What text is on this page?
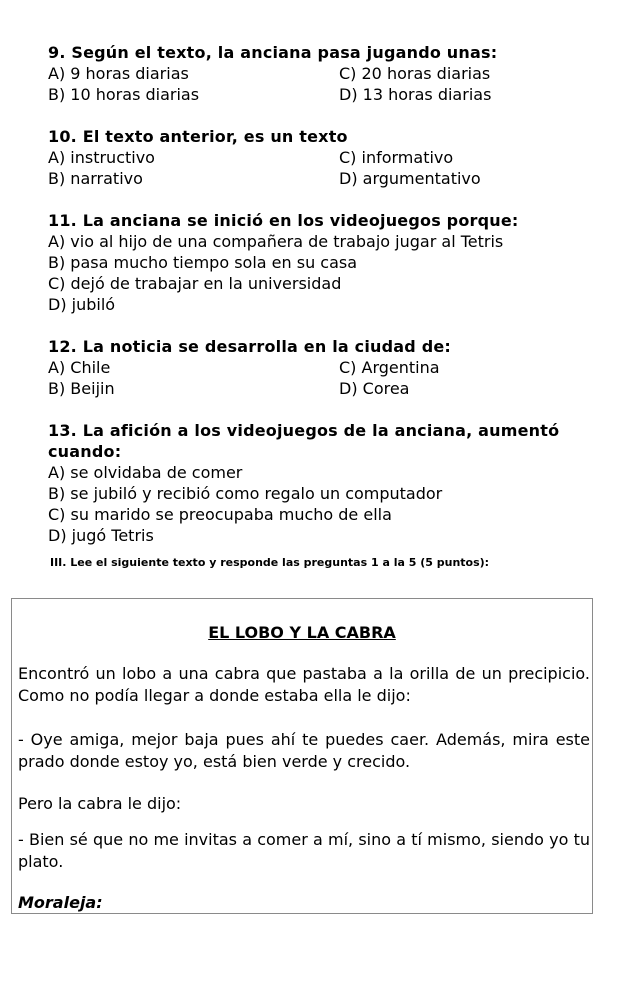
9. Según el texto, la anciana pasa jugando unas:
A) 9 horas diarias	C) 20 horas diarias
B) 10 horas diarias	D) 13 horas diarias
10. El texto anterior, es un texto
A) instructivo	C) informativo
B) narrativo	D) argumentativo
11. La anciana se inició en los videojuegos porque:
A) vio al hijo de una compañera de trabajo jugar al Tetris
B) pasa mucho tiempo sola en su casa
C) dejó de trabajar en la universidad
D) jubiló
12. La noticia se desarrolla en la ciudad de:
A) Chile	C) Argentina
B) Beijin	D) Corea
13. La afición a los videojuegos de la anciana, aumentó cuando:
A) se olvidaba de comer
B) se jubiló y recibió como regalo un computador
C) su marido se preocupaba mucho de ella
D) jugó Tetris
III. Lee el siguiente texto y responde las preguntas 1 a la 5 (5 puntos):
EL LOBO Y LA CABRA
Encontró un lobo a una cabra que pastaba a la orilla de un precipicio. Como no podía llegar a donde estaba ella le dijo:
- Oye amiga, mejor baja pues ahí te puedes caer. Además, mira este prado donde estoy yo, está bien verde y crecido.
Pero la cabra le dijo:
- Bien sé que no me invitas a comer a mí, sino a tí mismo, siendo yo tu plato.
Moraleja:
